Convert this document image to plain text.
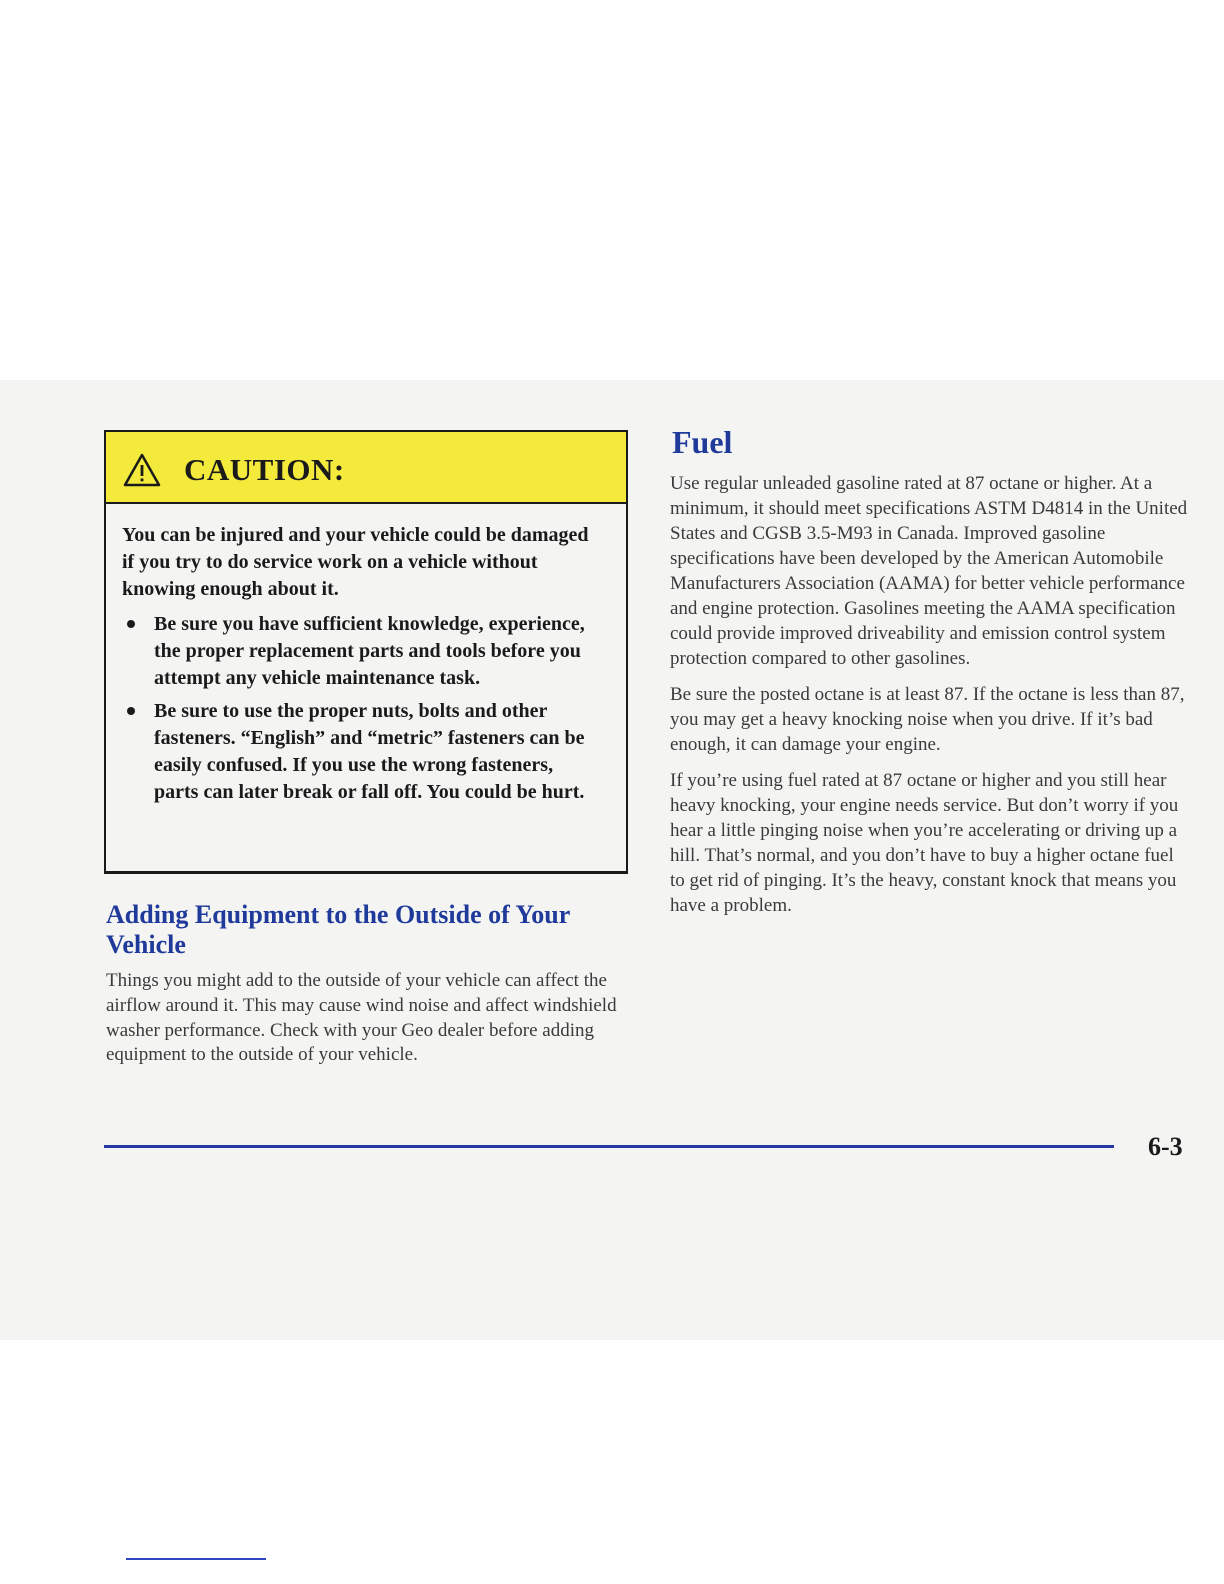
CAUTION:

You can be injured and your vehicle could be damaged if you try to do service work on a vehicle without knowing enough about it.

Be sure you have sufficient knowledge, experience, the proper replacement parts and tools before you attempt any vehicle maintenance task.
Be sure to use the proper nuts, bolts and other fasteners. “English” and “metric” fasteners can be easily confused. If you use the wrong fasteners, parts can later break or fall off. You could be hurt.
Adding Equipment to the Outside of Your Vehicle

Things you might add to the outside of your vehicle can affect the airflow around it. This may cause wind noise and affect windshield washer performance. Check with your Geo dealer before adding equipment to the outside of your vehicle.

Fuel

Use regular unleaded gasoline rated at 87 octane or higher. At a minimum, it should meet specifications ASTM D4814 in the United States and CGSB 3.5-M93 in Canada. Improved gasoline specifications have been developed by the American Automobile Manufacturers Association (AAMA) for better vehicle performance and engine protection. Gasolines meeting the AAMA specification could provide improved driveability and emission control system protection compared to other gasolines.

Be sure the posted octane is at least 87. If the octane is less than 87, you may get a heavy knocking noise when you drive. If it’s bad enough, it can damage your engine.

If you’re using fuel rated at 87 octane or higher and you still hear heavy knocking, your engine needs service. But don’t worry if you hear a little pinging noise when you’re accelerating or driving up a hill. That’s normal, and you don’t have to buy a higher octane fuel to get rid of pinging. It’s the heavy, constant knock that means you have a problem.

6-3
